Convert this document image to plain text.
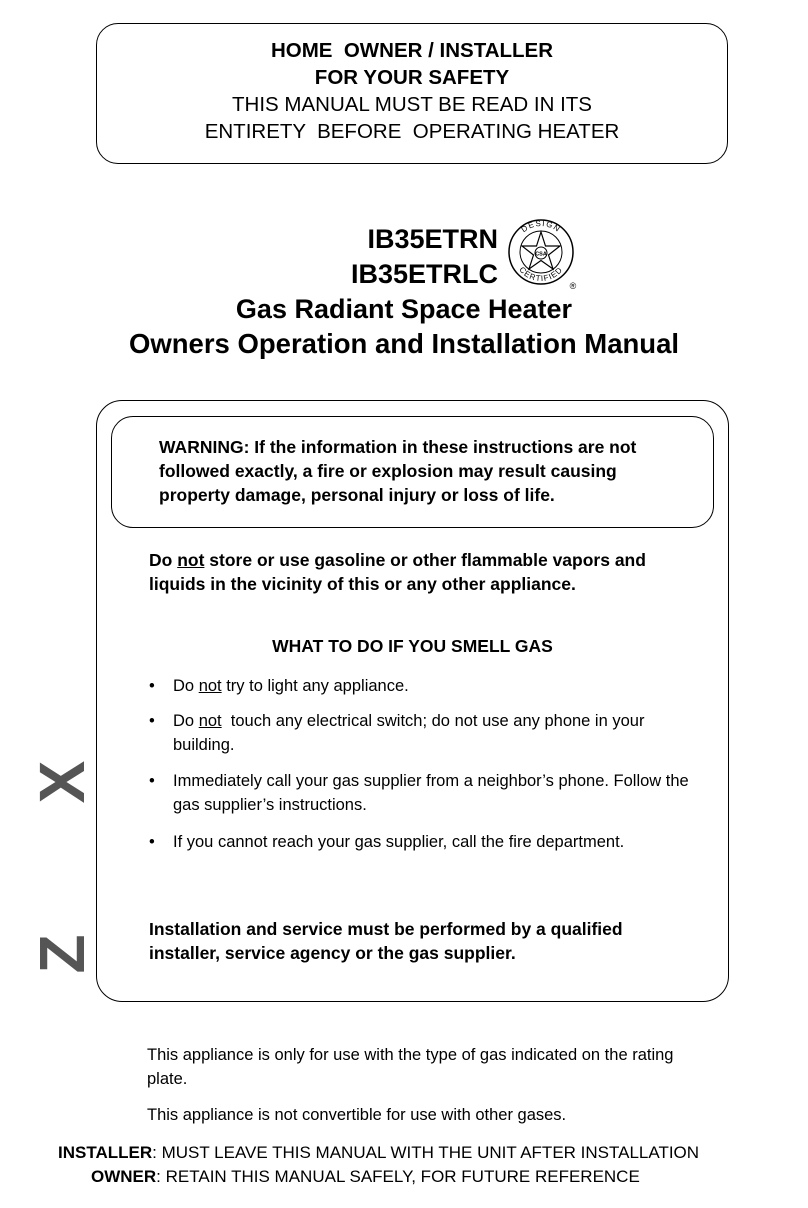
HOME  OWNER / INSTALLER
FOR YOUR SAFETY
THIS MANUAL MUST BE READ IN ITS
ENTIRETY  BEFORE  OPERATING HEATER
IB35ETRN
IB35ETRLC
DESIGN
CERTIFIED
CSA
®
Gas Radiant Space Heater
Owners Operation and Installation Manual
WARNING: If the information in these instructions are not followed exactly, a fire or explosion may result causing property damage, personal injury or loss of life.
Do not store or use gasoline or other flammable vapors and liquids in the vicinity of this or any other appliance.
WHAT TO DO IF YOU SMELL GAS
• Do not try to light any appliance.
• Do not  touch any electrical switch; do not use any phone in your building.
• Immediately call your gas supplier from a neighbor’s phone. Follow the gas supplier’s instructions.
• If you cannot reach your gas supplier, call the fire department.
Installation and service must be performed by a qualified installer, service agency or the gas supplier.
X
Z
This appliance is only for use with the type of gas indicated on the rating plate.
This appliance is not convertible for use with other gases.
INSTALLER: MUST LEAVE THIS MANUAL WITH THE UNIT AFTER INSTALLATION
OWNER: RETAIN THIS MANUAL SAFELY, FOR FUTURE REFERENCE
